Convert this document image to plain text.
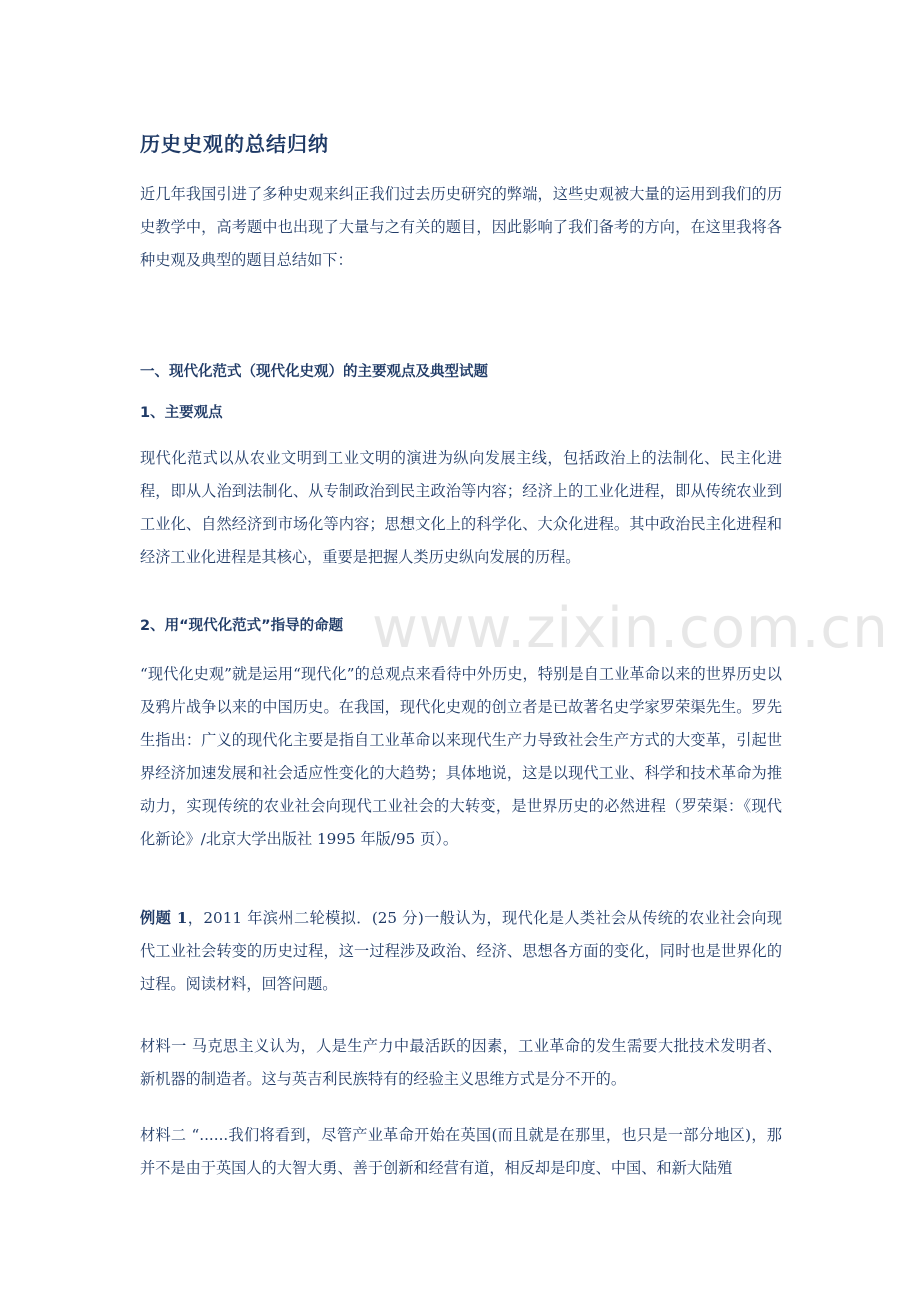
历史史观的总结归纳
近几年我国引进了多种史观来纠正我们过去历史研究的弊端，这些史观被大量的运用到我们的历史教学中，高考题中也出现了大量与之有关的题目，因此影响了我们备考的方向，在这里我将各种史观及典型的题目总结如下：
一、现代化范式（现代化史观）的主要观点及典型试题
1、主要观点
现代化范式以从农业文明到工业文明的演进为纵向发展主线，包括政治上的法制化、民主化进程，即从人治到法制化、从专制政治到民主政治等内容；经济上的工业化进程，即从传统农业到工业化、自然经济到市场化等内容；思想文化上的科学化、大众化进程。其中政治民主化进程和经济工业化进程是其核心，重要是把握人类历史纵向发展的历程。
2、用“现代化范式”指导的命题
“现代化史观”就是运用“现代化”的总观点来看待中外历史，特别是自工业革命以来的世界历史以及鸦片战争以来的中国历史。在我国，现代化史观的创立者是已故著名史学家罗荣渠先生。罗先生指出：广义的现代化主要是指自工业革命以来现代生产力导致社会生产方式的大变革，引起世界经济加速发展和社会适应性变化的大趋势；具体地说，这是以现代工业、科学和技术革命为推动力，实现传统的农业社会向现代工业社会的大转变，是世界历史的必然进程（罗荣渠：《现代化新论》/北京大学出版社 1995 年版/95 页）。
例题 1，2011 年滨州二轮模拟．(25 分)一般认为，现代化是人类社会从传统的农业社会向现代工业社会转变的历史过程，这一过程涉及政治、经济、思想各方面的变化，同时也是世界化的过程。阅读材料，回答问题。
材料一 马克思主义认为，人是生产力中最活跃的因素，工业革命的发生需要大批技术发明者、新机器的制造者。这与英吉利民族特有的经验主义思维方式是分不开的。
材料二 “......我们将看到，尽管产业革命开始在英国(而且就是在那里，也只是一部分地区)，那并不是由于英国人的大智大勇、善于创新和经营有道，相反却是印度、中国、和新大陆殖
www.zixin.com.cn
